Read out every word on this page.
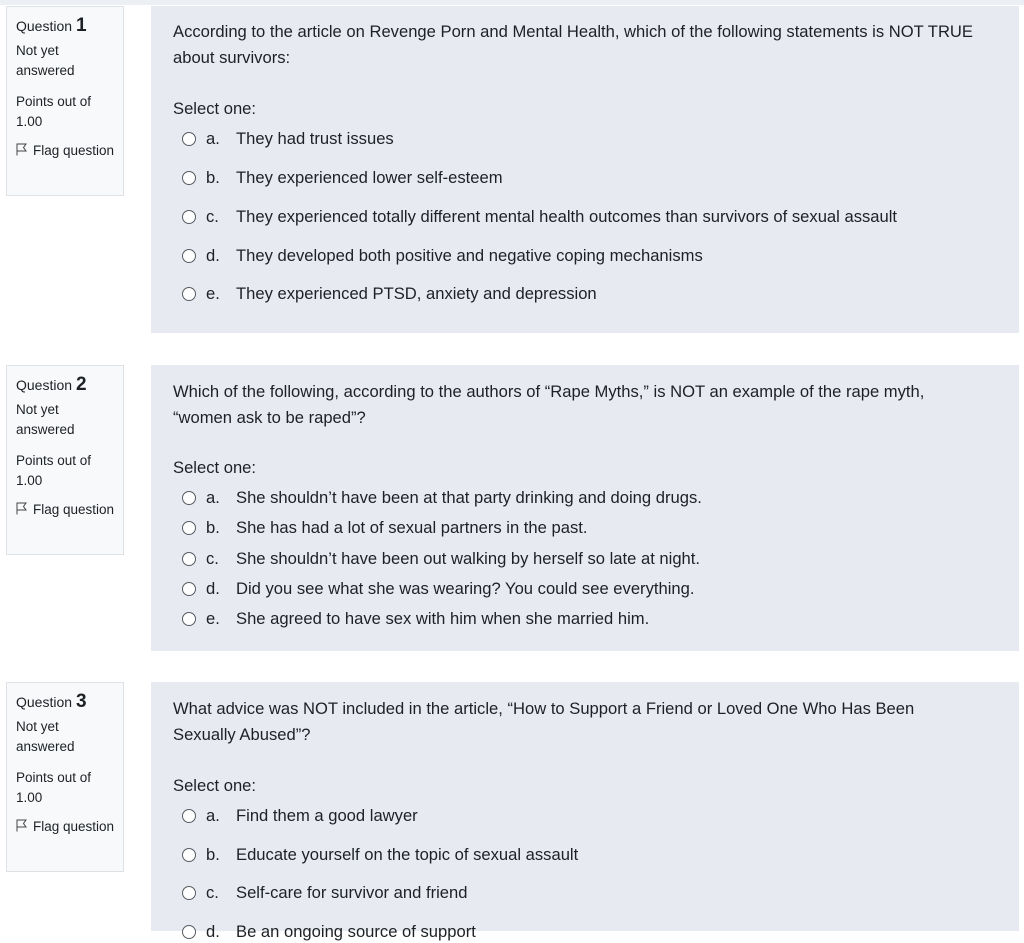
Question 1
Not yet answered
Points out of 1.00
Flag question
According to the article on Revenge Porn and Mental Health, which of the following statements is NOT TRUE about survivors:
Select one:
a. They had trust issues
b. They experienced lower self-esteem
c.	They experienced totally different mental health outcomes than survivors of sexual assault
d. They developed both positive and negative coping mechanisms
e. They experienced PTSD, anxiety and depression
Question 2
Not yet answered
Points out of 1.00
Flag question
Which of the following, according to the authors of “Rape Myths,” is NOT an example of the rape myth, “women ask to be raped”?
Select one:
a. She shouldn’t have been at that party drinking and doing drugs.
b. She has had a lot of sexual partners in the past.
c.	She shouldn’t have been out walking by herself so late at night.
d. Did you see what she was wearing? You could see everything.
e. She agreed to have sex with him when she married him.
Question 3
Not yet answered
Points out of 1.00
Flag question
What advice was NOT included in the article, “How to Support a Friend or Loved One Who Has Been Sexually Abused”?
Select one:
a. Find them a good lawyer
b. Educate yourself on the topic of sexual assault
c.	Self-care for survivor and friend
d. Be an ongoing source of support
